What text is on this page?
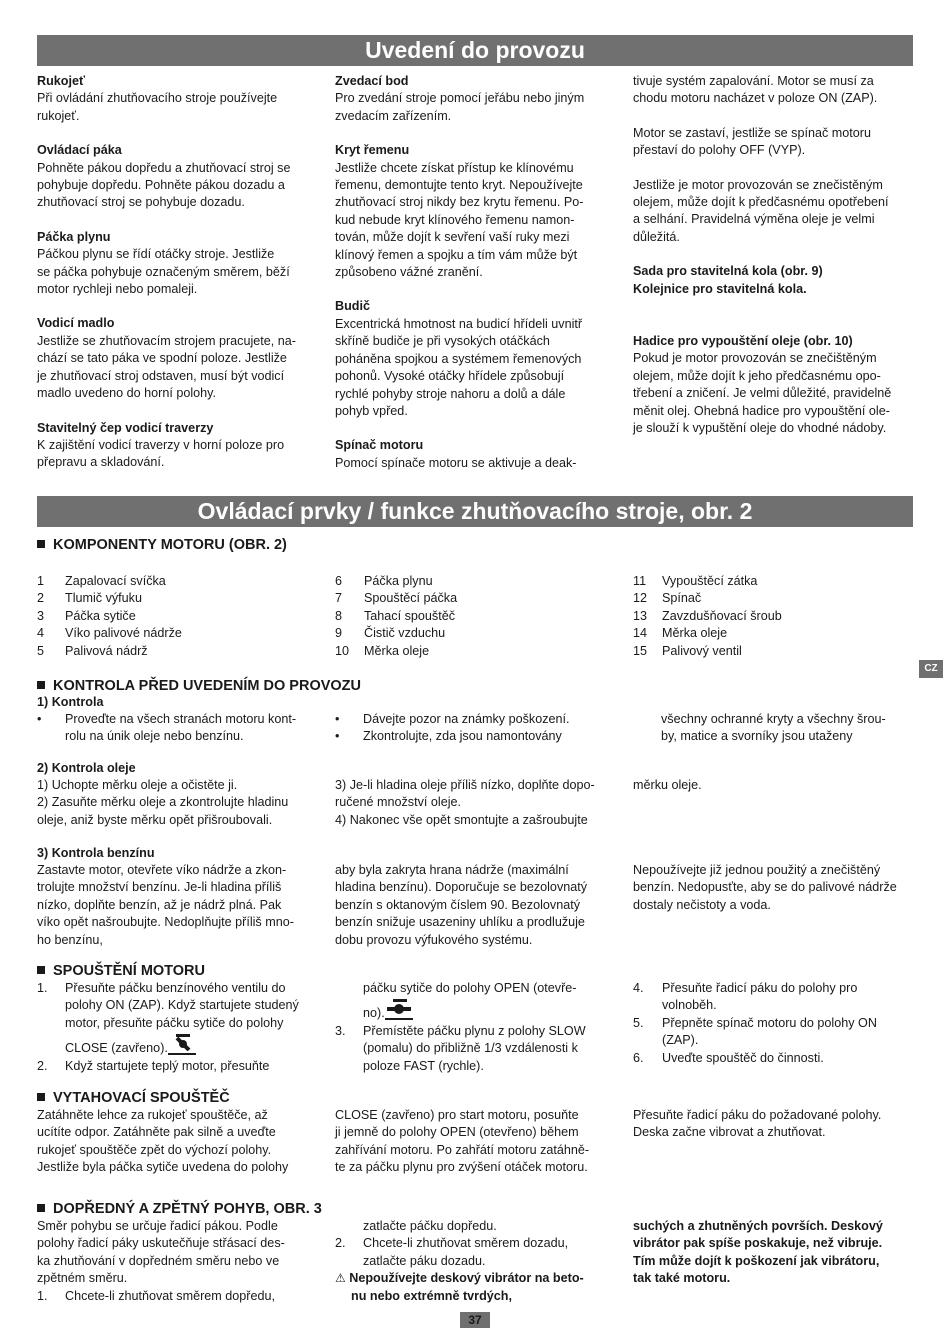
Uvedení do provozu

Rukojeť

Při ovládání zhutňovacího stroje používejte

rukojeť.

Ovládací páka

Pohněte pákou dopředu a zhutňovací stroj se

pohybuje dopředu. Pohněte pákou dozadu a

zhutňovací stroj se pohybuje dozadu.

Páčka plynu

Páčkou plynu se řídí otáčky stroje. Jestliže

se páčka pohybuje označeným směrem, běží

motor rychleji nebo pomaleji.

Vodicí madlo

Jestliže se zhutňovacím strojem pracujete, na-

chází se tato páka ve spodní poloze. Jestliže

je zhutňovací stroj odstaven, musí být vodicí

madlo uvedeno do horní polohy.

Stavitelný čep vodicí traverzy

K zajištění vodicí traverzy v horní poloze pro

přepravu a skladování.

Zvedací bod

Pro zvedání stroje pomocí jeřábu nebo jiným

zvedacím zařízením.

Kryt řemenu

Jestliže chcete získat přístup ke klínovému

řemenu, demontujte tento kryt. Nepoužívejte

zhutňovací stroj nikdy bez krytu řemenu. Po-

kud nebude kryt klínového řemenu namon-

tován, může dojít k sevření vaší ruky mezi

klínový řemen a spojku a tím vám může být

způsobeno vážné zranění.

Budič

Excentrická hmotnost na budicí hřídeli uvnitř

skříně budiče je při vysokých otáčkách

poháněna spojkou a systémem řemenových

pohonů. Vysoké otáčky hřídele způsobují

rychlé pohyby stroje nahoru a dolů a dále

pohyb vpřed.

Spínač motoru

Pomocí spínače motoru se aktivuje a deak-

tivuje systém zapalování. Motor se musí za

chodu motoru nacházet v poloze ON (ZAP).

Motor se zastaví, jestliže se spínač motoru

přestaví do polohy OFF (VYP).

Jestliže je motor provozován se znečistěným

olejem, může dojít k předčasnému opotřebení

a selhání. Pravidelná výměna oleje je velmi

důležitá.

Sada pro stavitelná kola (obr. 9)

Kolejnice pro stavitelná kola.

Hadice pro vypouštění oleje (obr. 10)

Pokud je motor provozován se znečištěným

olejem, může dojít k jeho předčasnému opo-

třebení a zničení. Je velmi důležité, pravidelně

měnit olej. Ohebná hadice pro vypouštění ole-

je slouží k vypuštění oleje do vhodné nádoby.

Ovládací prvky / funkce zhutňovacího stroje, obr. 2
KOMPONENTY MOTORU (OBR. 2)
1	Zapalovací svíčka
2	Tlumič výfuku
3	Páčka sytiče
4	Víko palivové nádrže
5	Palivová nádrž
6	Páčka plynu
7	Spouštěcí páčka
8	Tahací spouštěč
9	Čistič vzduchu
10	Měrka oleje
11	Vypouštěcí zátka
12	Spínač
13	Zavzdušňovací šroub
14	Měrka oleje
15	Palivový ventil
KONTROLA PŘED UVEDENÍM DO PROVOZU

1) Kontrola

•	Proveďte na všech stranách motoru kont-

rolu na únik oleje nebo benzínu.

•	Dávejte pozor na známky poškození.

•	Zkontrolujte, zda jsou namontovány

všechny ochranné kryty a všechny šrou-

by, matice a svorníky jsou utaženy

2) Kontrola oleje

1) Uchopte měrku oleje a očistěte ji.

2) Zasuňte měrku oleje a zkontrolujte hladinu

oleje, aniž byste měrku opět přišroubovali.

3) Je-li hladina oleje příliš nízko, doplňte dopo-

ručené množství oleje.

4) Nakonec vše opět smontujte a zašroubujte

měrku oleje.

3) Kontrola benzínu

Zastavte motor, otevřete víko nádrže a zkon-

trolujte množství benzínu. Je-li hladina příliš

nízko, doplňte benzín, až je nádrž plná. Pak

víko opět našroubujte. Nedoplňujte příliš mno-

ho benzínu,

aby byla zakryta hrana nádrže (maximální

hladina benzínu). Doporučuje se bezolovnatý

benzín s oktanovým číslem 90. Bezolovnatý

benzín snižuje usazeniny uhlíku a prodlužuje

dobu provozu výfukového systému.

Nepoužívejte již jednou použitý a znečištěný

benzín. Nedopusťte, aby se do palivové nádrže

dostaly nečistoty a voda.

SPOUŠTĚNÍ MOTORU
1.	Přesuňte páčku benzínového ventilu do

polohy ON (ZAP). Když startujete studený

motor, přesuňte páčku sytiče do polohy

CLOSE (zavřeno).

2.	Když startujete teplý motor, přesuňte

páčku sytiče do polohy OPEN (otevře-

no).

3.	Přemístěte páčku plynu z polohy SLOW

(pomalu) do přibližně 1/3 vzdálenosti k

poloze FAST (rychle).

4.	Přesuňte řadicí páku do polohy pro

volnoběh.

5.	Přepněte spínač motoru do polohy ON

(ZAP).

6.	Uveďte spouštěč do činnosti.

VYTAHOVACÍ SPOUŠTĚČ

Zatáhněte lehce za rukojeť spouštěče, až

ucítíte odpor. Zatáhněte pak silně a uveďte

rukojeť spouštěče zpět do výchozí polohy.

Jestliže byla páčka sytiče uvedena do polohy

CLOSE (zavřeno) pro start motoru, posuňte

ji jemně do polohy OPEN (otevřeno) během

zahřívání motoru. Po zahřátí motoru zatáhně-

te za páčku plynu pro zvýšení otáček motoru.

Přesuňte řadicí páku do požadované polohy.

Deska začne vibrovat a zhutňovat.

DOPŘEDNÝ A ZPĚTNÝ POHYB, OBR. 3

Směr pohybu se určuje řadicí pákou. Podle

polohy řadicí páky uskutečňuje střásací des-

ka zhutňování v dopředném směru nebo ve

zpětném směru.

1.	Chcete-li zhutňovat směrem dopředu,

zatlačte páčku dopředu.

2.	Chcete-li zhutňovat směrem dozadu,

zatlačte páku dozadu.

⚠ Nepoužívejte deskový vibrátor na beto-

nu nebo extrémně tvrdých,

suchých a zhutněných površích. Deskový

vibrátor pak spíše poskakuje, než vibruje.

Tím může dojít k poškození jak vibrátoru,

tak také motoru.

CZ
37
